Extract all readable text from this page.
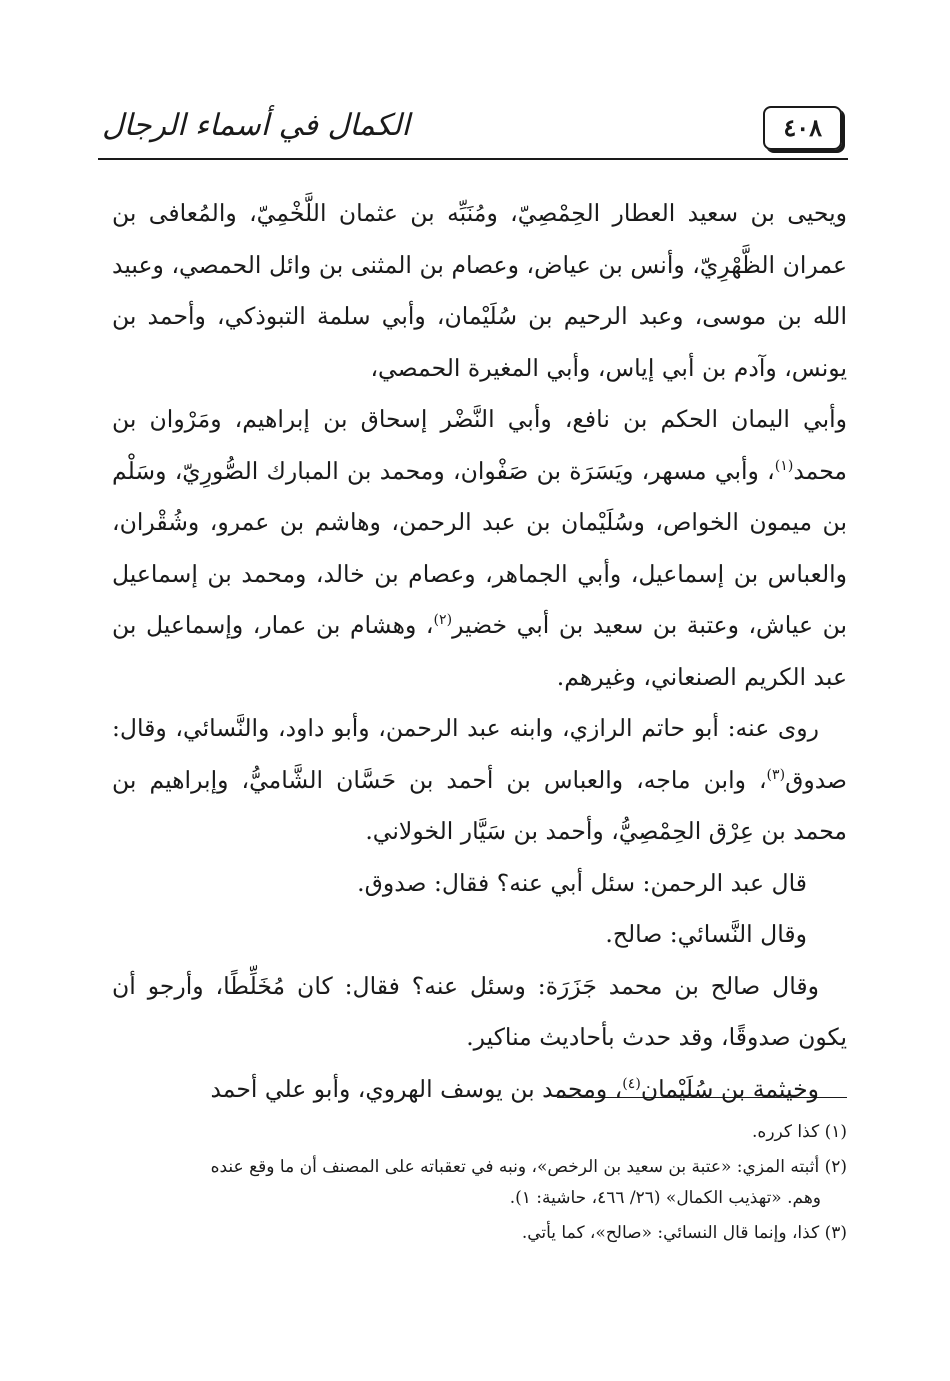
٤٠٨
الكمال في أسماء الرجال

ويحيى بن سعيد العطار الحِمْصِيّ، ومُنَبِّه بن عثمان اللَّخْمِيّ، والمُعافى بن عمران الظَّهْرِيّ، وأنس بن عياض، وعصام بن المثنى بن وائل الحمصي، وعبيد الله بن موسى، وعبد الرحيم بن سُلَيْمان، وأبي سلمة التبوذكي، وأحمد بن يونس، وآدم بن أبي إياس، وأبي المغيرة الحمصي،

وأبي اليمان الحكم بن نافع، وأبي النَّضْر إسحاق بن إبراهيم، ومَرْوان بن محمد$^{(١)}$، وأبي مسهر، ويَسَرَة بن صَفْوان، ومحمد بن المبارك الصُّورِيّ، وسَلْم بن ميمون الخواص، وسُلَيْمان بن عبد الرحمن، وهاشم بن عمرو، وشُقْران، والعباس بن إسماعيل، وأبي الجماهر، وعصام بن خالد، ومحمد بن إسماعيل بن عياش، وعتبة بن سعيد بن أبي خضير$^{(٢)}$، وهشام بن عمار، وإسماعيل بن عبد الكريم الصنعاني، وغيرهم.

روى عنه: أبو حاتم الرازي، وابنه عبد الرحمن، وأبو داود، والنَّسائي، وقال: صدوق$^{(٣)}$، وابن ماجه، والعباس بن أحمد بن حَسَّان الشَّاميُّ، وإبراهيم بن محمد بن عِرْق الحِمْصِيُّ، وأحمد بن سَيَّار الخولاني.

قال عبد الرحمن: سئل أبي عنه؟ فقال: صدوق.

وقال النَّسائي: صالح.

وقال صالح بن محمد جَزَرَة: وسئل عنه؟ فقال: كان مُخَلِّطًا، وأرجو أن يكون صدوقًا، وقد حدث بأحاديث مناكير.

وخيثمة بن سُلَيْمان$^{(٤)}$، ومحمد بن يوسف الهروي، وأبو علي أحمد

(١) كذا كرره.

(٢) أثبته المزي: «عتبة بن سعيد بن الرخص»، ونبه في تعقباته على المصنف أن ما وقع عنده
وهم. «تهذيب الكمال» (٢٦/ ٤٦٦، حاشية: ١).

(٣) كذا، وإنما قال النسائي: «صالح»، كما يأتي.
